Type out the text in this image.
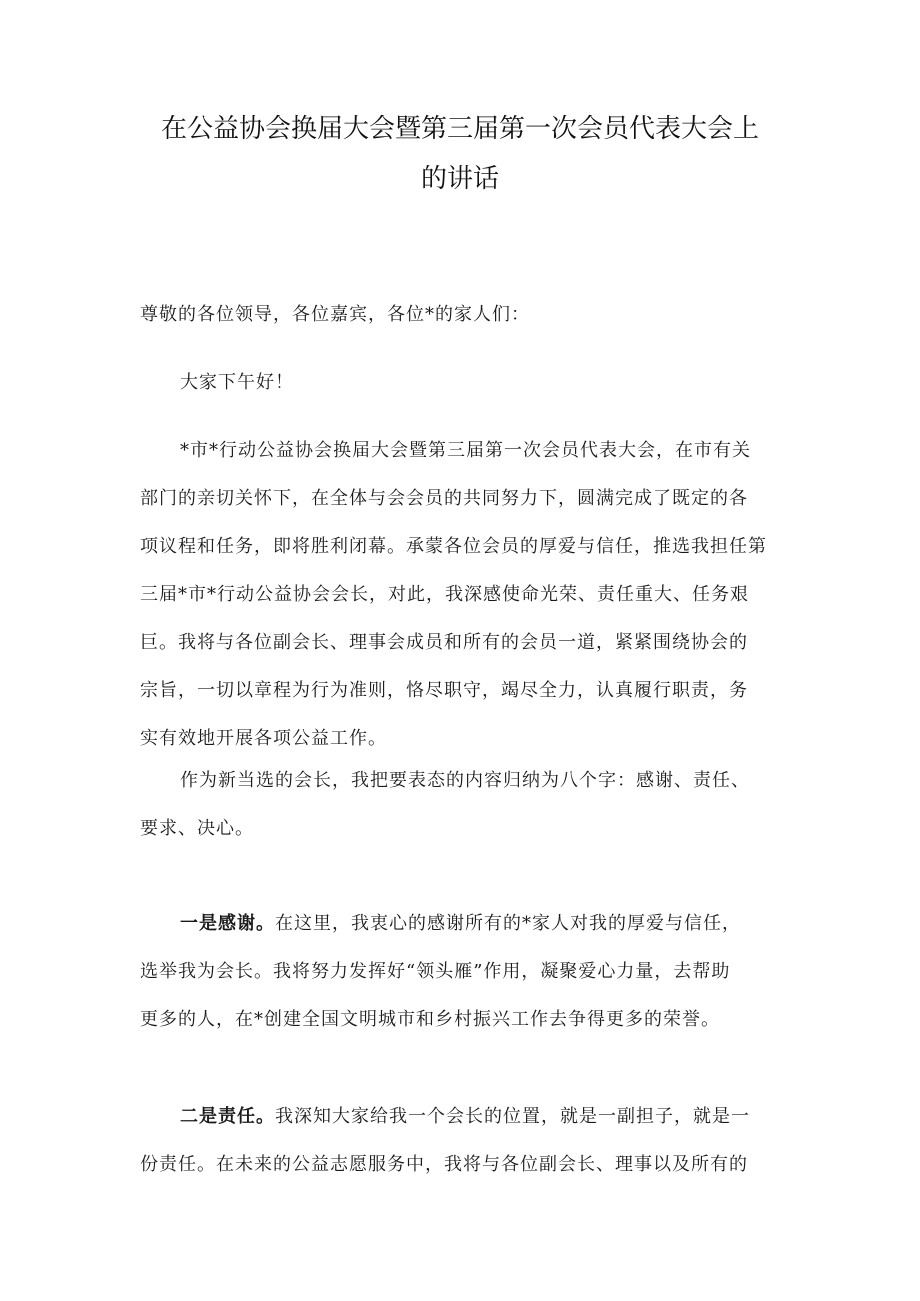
在公益协会换届大会暨第三届第一次会员代表大会上
的讲话

尊敬的各位领导，各位嘉宾，各位*的家人们：

大家下午好！

*市*行动公益协会换届大会暨第三届第一次会员代表大会，在市有关
部门的亲切关怀下，在全体与会会员的共同努力下，圆满完成了既定的各
项议程和任务，即将胜利闭幕。承蒙各位会员的厚爱与信任，推选我担任第
三届*市*行动公益协会会长，对此，我深感使命光荣、责任重大、任务艰
巨。我将与各位副会长、理事会成员和所有的会员一道，紧紧围绕协会的
宗旨，一切以章程为行为准则，恪尽职守，竭尽全力，认真履行职责，务
实有效地开展各项公益工作。

作为新当选的会长，我把要表态的内容归纳为八个字：感谢、责任、
要求、决心。

一是感谢。在这里，我衷心的感谢所有的*家人对我的厚爱与信任，
选举我为会长。我将努力发挥好“领头雁”作用，凝聚爱心力量，去帮助
更多的人，在*创建全国文明城市和乡村振兴工作去争得更多的荣誉。

二是责任。我深知大家给我一个会长的位置，就是一副担子，就是一
份责任。在未来的公益志愿服务中，我将与各位副会长、理事以及所有的
